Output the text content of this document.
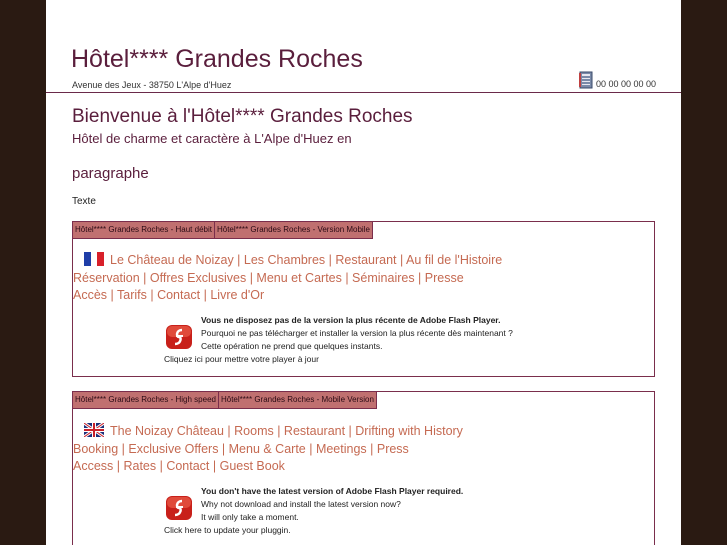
Hôtel**** Grandes Roches
Avenue des Jeux - 38750 L'Alpe d'Huez	00 00 00 00 00
Bienvenue à l'Hôtel**** Grandes Roches
Hôtel de charme et caractère à L'Alpe d'Huez en
paragraphe
Texte
Hôtel**** Grandes Roches - Haut débit Hôtel**** Grandes Roches - Version Mobile
Le Château de Noizay | Les Chambres | Restaurant | Au fil de l'Histoire
Réservation | Offres Exclusives | Menu et Cartes | Séminaires | Presse
Accès | Tarifs | Contact | Livre d'Or
Vous ne disposez pas de la version la plus récente de Adobe Flash Player.
Pourquoi ne pas télécharger et installer la version la plus récente dès maintenant ?
Cette opération ne prend que quelques instants.
Cliquez ici pour mettre votre player à jour
Hôtel**** Grandes Roches - High speed Hôtel**** Grandes Roches - Mobile Version
The Noizay Château | Rooms | Restaurant | Drifting with History
Booking | Exclusive Offers | Menu & Carte | Meetings | Press
Access | Rates | Contact | Guest Book
You don't have the latest version of Adobe Flash Player required.
Why not download and install the latest version now?
It will only take a moment.
Click here to update your pluggin.
